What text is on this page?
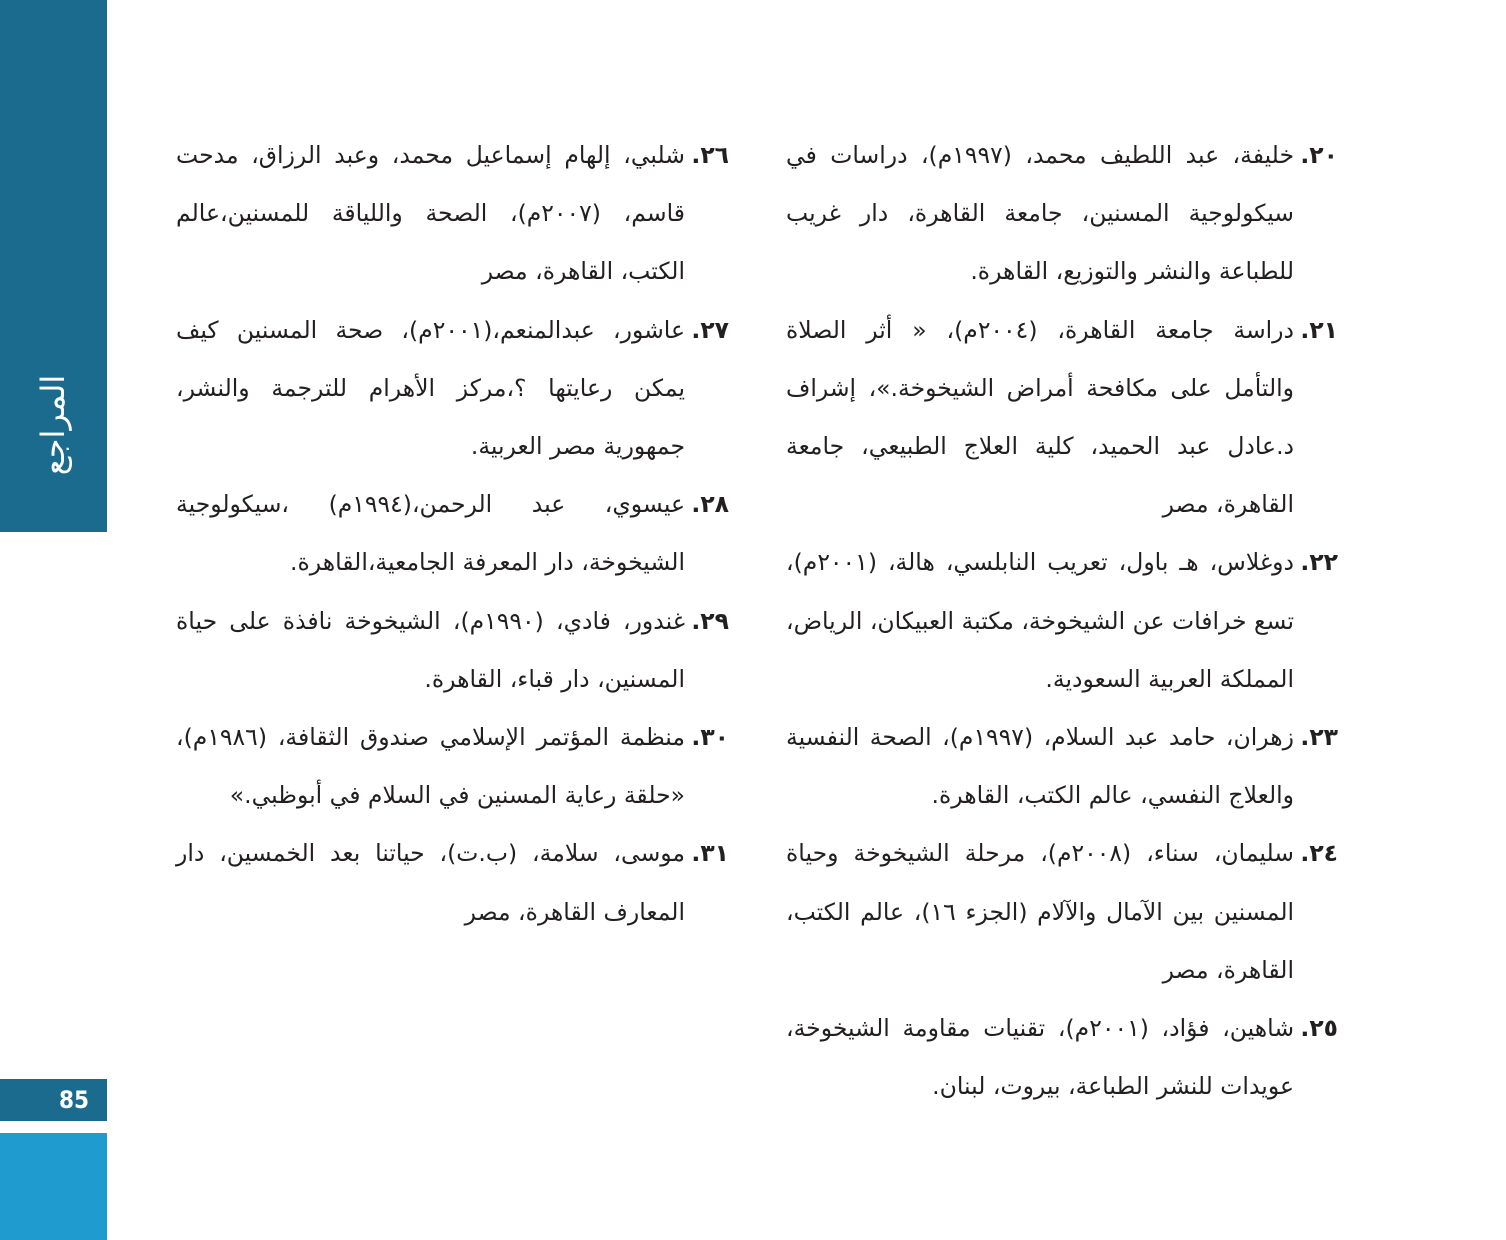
المراجع
85

٢٠.خليفة، عبد اللطيف محمد، (١٩٩٧م)، دراسات في سيكولوجية المسنين، جامعة القاهرة، دار غريب للطباعة والنشر والتوزيع، القاهرة.

٢١.دراسة جامعة القاهرة، (٢٠٠٤م)، « أثر الصلاة والتأمل على مكافحة أمراض الشيخوخة.»، إشراف د.عادل عبد الحميد، كلية العلاج الطبيعي، جامعة القاهرة، مصر

٢٢.دوغلاس، هـ باول، تعريب النابلسي، هالة، (٢٠٠١م)، تسع خرافات عن الشيخوخة، مكتبة العبيكان، الرياض، المملكة العربية السعودية.

٢٣.زهران، حامد عبد السلام، (١٩٩٧م)، الصحة النفسية والعلاج النفسي، عالم الكتب، القاهرة.

٢٤.سليمان، سناء، (٢٠٠٨م)، مرحلة الشيخوخة وحياة المسنين بين الآمال والآلام (الجزء ١٦)، عالم الكتب، القاهرة، مصر

٢٥.شاهين، فؤاد، (٢٠٠١م)، تقنيات مقاومة الشيخوخة، عويدات للنشر الطباعة، بيروت، لبنان.

٢٦.شلبي، إلهام إسماعيل محمد، وعبد الرزاق، مدحت قاسم، (٢٠٠٧م)، الصحة واللياقة للمسنين،عالم الكتب، القاهرة، مصر

٢٧.عاشور، عبدالمنعم،(٢٠٠١م)، صحة المسنين كيف يمكن رعايتها ؟،مركز الأهرام للترجمة والنشر، جمهورية مصر العربية.

٢٨.عيسوي، عبد الرحمن،(١٩٩٤م) ،سيكولوجية الشيخوخة، دار المعرفة الجامعية،القاهرة.

٢٩.غندور، فادي، (١٩٩٠م)، الشيخوخة نافذة على حياة المسنين، دار قباء، القاهرة.

٣٠.منظمة المؤتمر الإسلامي صندوق الثقافة، (١٩٨٦م)، «حلقة رعاية المسنين في السلام في أبوظبي.»

٣١.موسى، سلامة، (ب.ت)، حياتنا بعد الخمسين، دار المعارف القاهرة، مصر
